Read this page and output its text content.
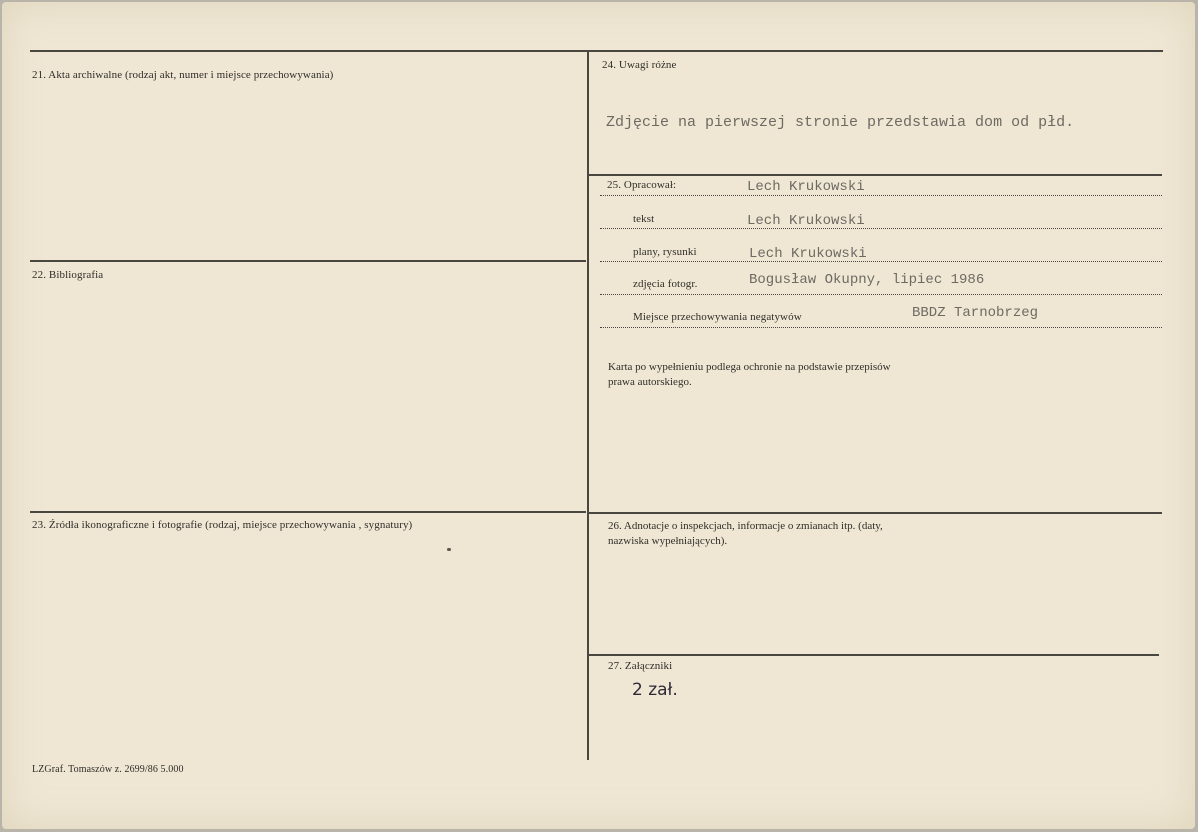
21. Akta archiwalne (rodzaj akt, numer i miejsce przechowywania)
22. Bibliografia
23. Źródła ikonograficzne i fotografie (rodzaj, miejsce przechowywania , sygnatury)
24. Uwagi różne
Zdjęcie na pierwszej stronie przedstawia dom od płd.
25. Opracował:	Lech Krukowski
tekst	Lech Krukowski
plany, rysunki	Lech Krukowski
zdjęcia fotogr.	Bogusław Okupny, lipiec 1986
Miejsce przechowywania negatywów	BBDZ Tarnobrzeg
Karta po wypełnieniu podlega ochronie na podstawie przepisów
prawa autorskiego.
26. Adnotacje o inspekcjach, informacje o zmianach itp. (daty,
nazwiska wypełniających).
27. Załączniki
2 zał.
LZGraf. Tomaszów z. 2699/86 5.000
